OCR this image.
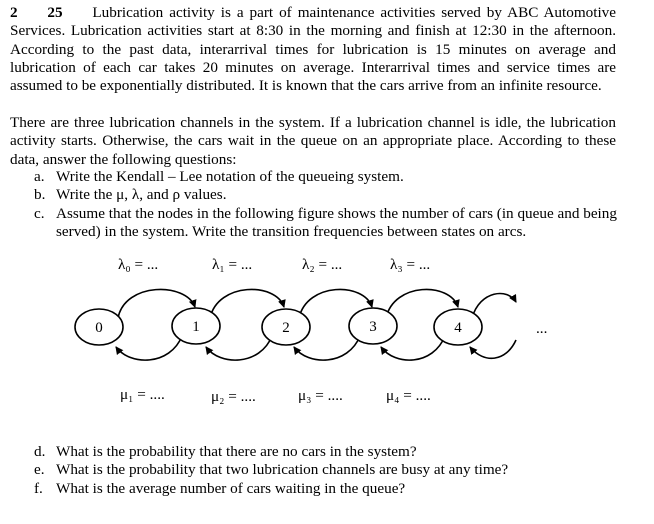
2 25 Lubrication activity is a part of maintenance activities served by ABC Automotive Services. Lubrication activities start at 8:30 in the morning and finish at 12:30 in the afternoon. According to the past data, interarrival times for lubrication is 15 minutes on average and lubrication of each car takes 20 minutes on average. Interarrival times and service times are assumed to be exponentially distributed. It is known that the cars arrive from an infinite resource.
There are three lubrication channels in the system. If a lubrication channel is idle, the lubrication activity starts. Otherwise, the cars wait in the queue on an appropriate place. According to these data, answer the following questions:
a. Write the Kendall – Lee notation of the queueing system.
b. Write the μ, λ, and ρ values.
c. Assume that the nodes in the following figure shows the number of cars (in queue and being served) in the system. Write the transition frequencies between states on arcs.
0	1	2	3	4
λ₀ = ...	λ₁ = ...	λ₂ = ...	λ₃ = ...
...
μ₁ = ....	μ₂ = ....	μ₃ = ....	μ₄ = ....
d. What is the probability that there are no cars in the system?
e. What is the probability that two lubrication channels are busy at any time?
f. What is the average number of cars waiting in the queue?
